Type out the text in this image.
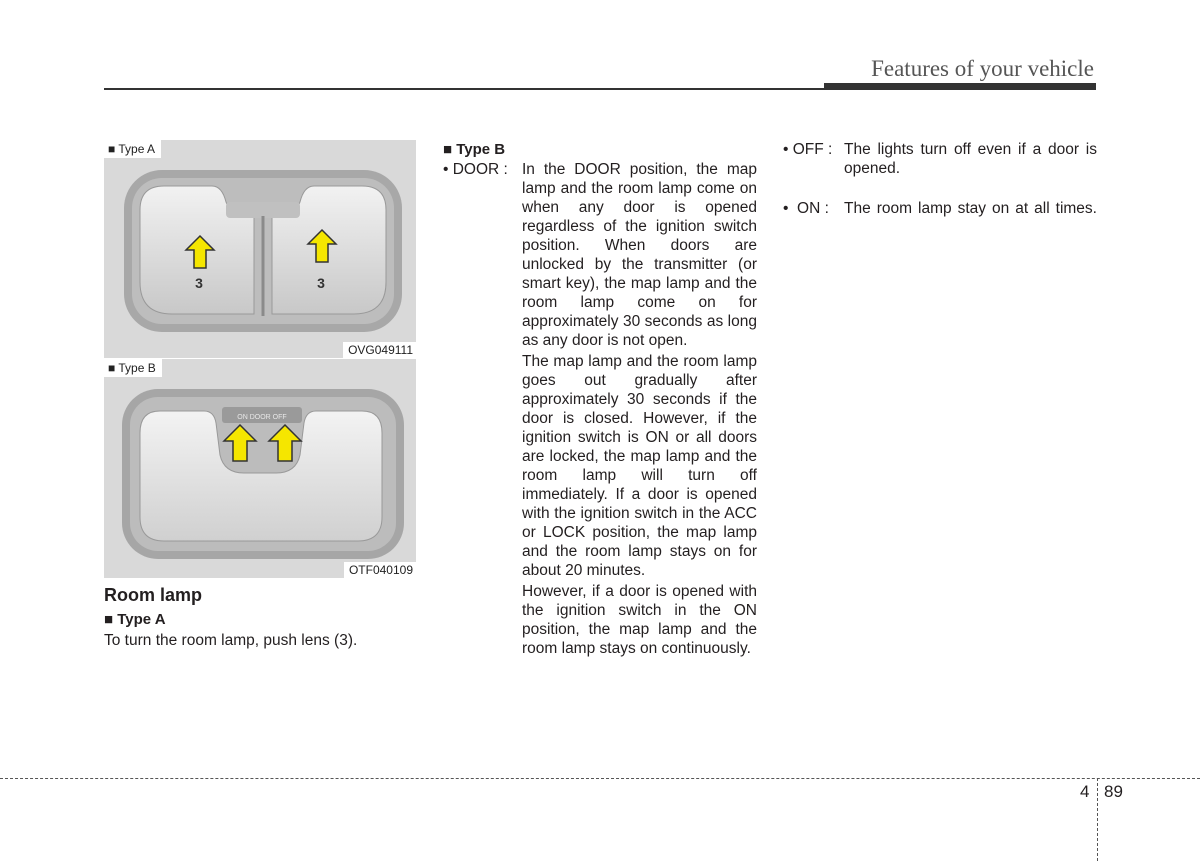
Features of your vehicle
3	3
■ Type A
OVG049111
ON DOOR OFF
■ Type B
OTF040109
Room lamp
■ Type A
To turn the room lamp, push lens (3).
■ Type B
• DOOR : In the DOOR position, the map lamp and the room lamp come on when any door is opened regardless of the ignition switch position. When doors are unlocked by the transmitter (or smart key), the map lamp and the room lamp come on for approximately 30 seconds as long as any door is not open.

The map lamp and the room lamp goes out gradually after approximately 30 seconds if the door is closed. However, if the ignition switch is ON or all doors are locked, the map lamp and the room lamp will turn off immediately. If a door is opened with the ignition switch in the ACC or LOCK position, the map lamp and the room lamp stays on for about 20 minutes.

However, if a door is opened with the ignition switch in the ON position, the map lamp and the room lamp stays on continuously.

• OFF : The lights turn off even if a door is opened.
•  ON : The room lamp stay on at all times.
4 89
